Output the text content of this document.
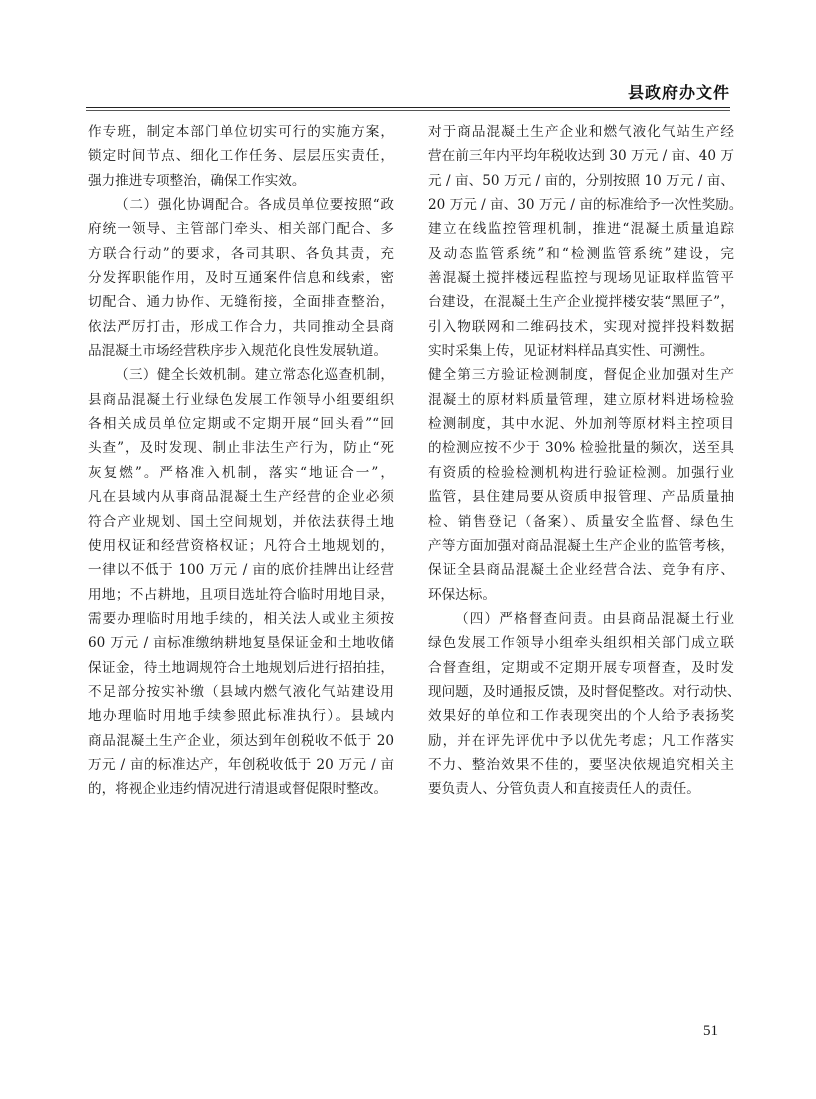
县政府办文件
作专班，制定本部门单位切实可行的实施方案，
锁定时间节点、细化工作任务、层层压实责任，
强力推进专项整治，确保工作实效。
（二）强化协调配合。各成员单位要按照“政
府统一领导、主管部门牵头、相关部门配合、多
方联合行动”的要求，各司其职、各负其责，充
分发挥职能作用，及时互通案件信息和线索，密
切配合、通力协作、无缝衔接，全面排查整治，
依法严厉打击，形成工作合力，共同推动全县商
品混凝土市场经营秩序步入规范化良性发展轨道。
（三）健全长效机制。建立常态化巡查机制，
县商品混凝土行业绿色发展工作领导小组要组织
各相关成员单位定期或不定期开展“回头看”“回
头查”，及时发现、制止非法生产行为，防止“死
灰复燃”。严格准入机制，落实“地证合一”，
凡在县域内从事商品混凝土生产经营的企业必须
符合产业规划、国土空间规划，并依法获得土地
使用权证和经营资格权证；凡符合土地规划的，
一律以不低于 100 万元 / 亩的底价挂牌出让经营
用地；不占耕地，且项目选址符合临时用地目录，
需要办理临时用地手续的，相关法人或业主须按
60 万元 / 亩标准缴纳耕地复垦保证金和土地收储
保证金，待土地调规符合土地规划后进行招拍挂，
不足部分按实补缴（县域内燃气液化气站建设用
地办理临时用地手续参照此标准执行）。县域内
商品混凝土生产企业，须达到年创税收不低于 20
万元 / 亩的标准达产，年创税收低于 20 万元 / 亩
的，将视企业违约情况进行清退或督促限时整改。
对于商品混凝土生产企业和燃气液化气站生产经
营在前三年内平均年税收达到 30 万元 / 亩、40 万
元 / 亩、50 万元 / 亩的，分别按照 10 万元 / 亩、
20 万元 / 亩、30 万元 / 亩的标准给予一次性奖励。
建立在线监控管理机制，推进“混凝土质量追踪
及动态监管系统”和“检测监管系统”建设，完
善混凝土搅拌楼远程监控与现场见证取样监管平
台建设，在混凝土生产企业搅拌楼安装“黑匣子”，
引入物联网和二维码技术，实现对搅拌投料数据
实时采集上传，见证材料样品真实性、可溯性。
健全第三方验证检测制度，督促企业加强对生产
混凝土的原材料质量管理，建立原材料进场检验
检测制度，其中水泥、外加剂等原材料主控项目
的检测应按不少于 30% 检验批量的频次，送至具
有资质的检验检测机构进行验证检测。加强行业
监管，县住建局要从资质申报管理、产品质量抽
检、销售登记（备案）、质量安全监督、绿色生
产等方面加强对商品混凝土生产企业的监管考核，
保证全县商品混凝土企业经营合法、竞争有序、
环保达标。
（四）严格督查问责。由县商品混凝土行业
绿色发展工作领导小组牵头组织相关部门成立联
合督查组，定期或不定期开展专项督查，及时发
现问题，及时通报反馈，及时督促整改。对行动快、
效果好的单位和工作表现突出的个人给予表扬奖
励，并在评先评优中予以优先考虑；凡工作落实
不力、整治效果不佳的，要坚决依规追究相关主
要负责人、分管负责人和直接责任人的责任。
51
